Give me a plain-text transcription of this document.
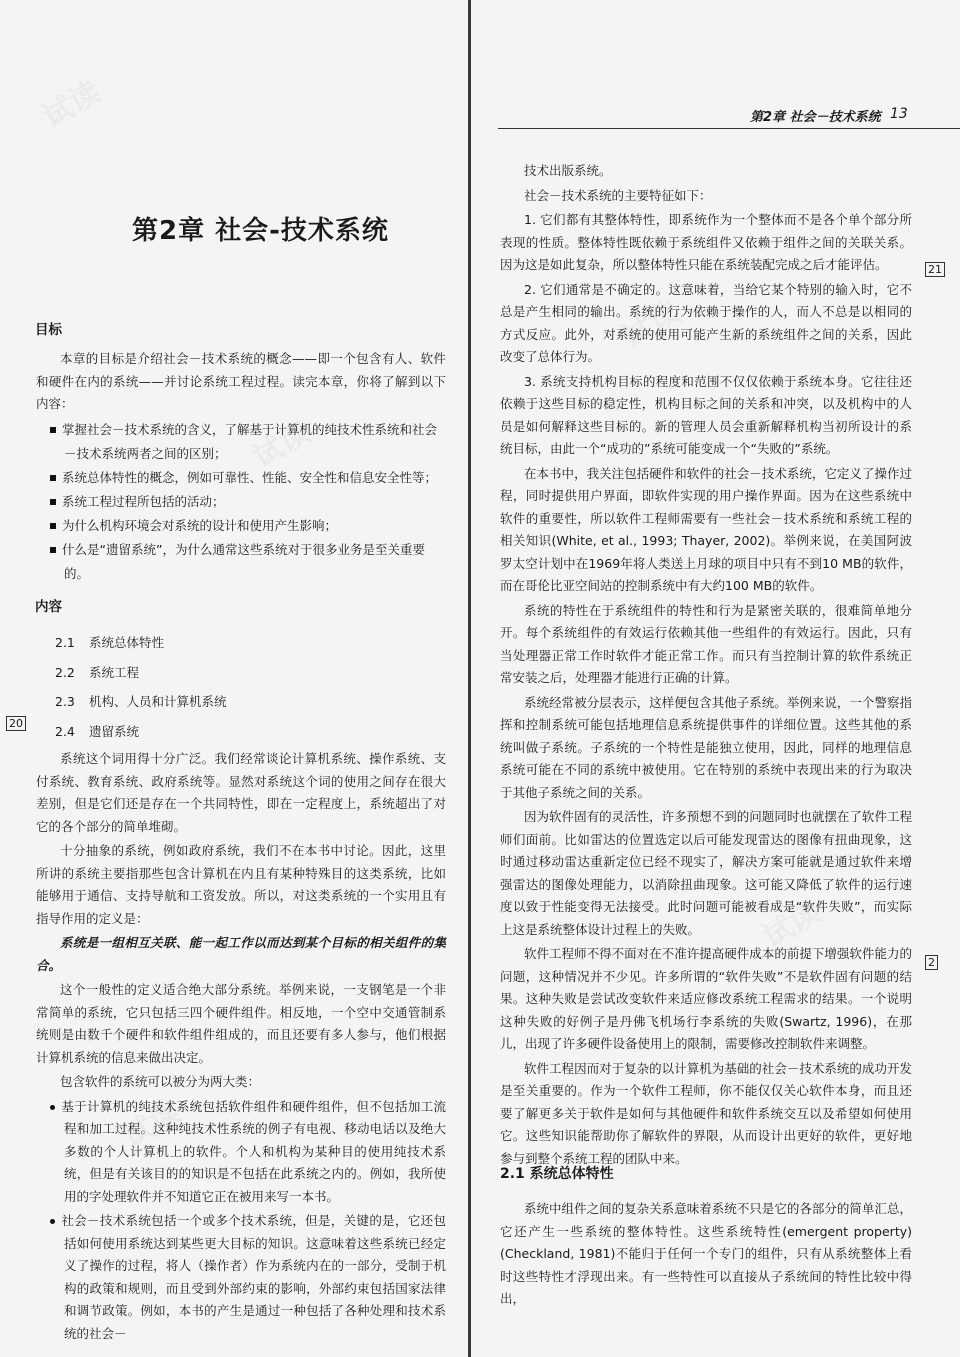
试读
试读
试读
试读
试读
第2章 社会-技术系统
目标

本章的目标是介绍社会－技术系统的概念——即一个包含有人、软件和硬件在内的系统——并讨论系统工程过程。读完本章，你将了解到以下内容：

掌握社会－技术系统的含义，了解基于计算机的纯技术性系统和社会－技术系统两者之间的区别；
系统总体特性的概念，例如可靠性、性能、安全性和信息安全性等；
系统工程过程所包括的活动；
为什么机构环境会对系统的设计和使用产生影响；
什么是“遗留系统”，为什么通常这些系统对于很多业务是至关重要的。
内容
2.1 系统总体特性
2.2 系统工程
2.3 机构、人员和计算机系统
2.4 遗留系统
20

系统这个词用得十分广泛。我们经常谈论计算机系统、操作系统、支付系统、教育系统、政府系统等。显然对系统这个词的使用之间存在很大差别，但是它们还是存在一个共同特性，即在一定程度上，系统超出了对它的各个部分的简单堆砌。

十分抽象的系统，例如政府系统，我们不在本书中讨论。因此，这里所讲的系统主要指那些包含计算机在内且有某种特殊目的这类系统，比如能够用于通信、支持导航和工资发放。所以，对这类系统的一个实用且有指导作用的定义是：

系统是一组相互关联、能一起工作以而达到某个目标的相关组件的集合。

这个一般性的定义适合绝大部分系统。举例来说，一支钢笔是一个非常简单的系统，它只包括三四个硬件组件。相反地，一个空中交通管制系统则是由数千个硬件和软件组件组成的，而且还要有多人参与，他们根据计算机系统的信息来做出决定。

包含软件的系统可以被分为两大类：

基于计算机的纯技术系统包括软件组件和硬件组件，但不包括加工流程和加工过程。这种纯技术性系统的例子有电视、移动电话以及绝大多数的个人计算机上的软件。个人和机构为某种目的使用纯技术系统，但是有关该目的的知识是不包括在此系统之内的。例如，我所使用的字处理软件并不知道它正在被用来写一本书。
社会－技术系统包括一个或多个技术系统，但是，关键的是，它还包括如何使用系统达到某些更大目标的知识。这意味着这些系统已经定义了操作的过程，将人（操作者）作为系统内在的一部分，受制于机构的政策和规则，而且受到外部约束的影响，外部约束包括国家法律和调节政策。例如，本书的产生是通过一种包括了各种处理和技术系统的社会－
第2章 社会－技术系统 13
21
2

技术出版系统。

社会－技术系统的主要特征如下：

1. 它们都有其整体特性，即系统作为一个整体而不是各个单个部分所表现的性质。整体特性既依赖于系统组件又依赖于组件之间的关联关系。因为这是如此复杂，所以整体特性只能在系统装配完成之后才能评估。

2. 它们通常是不确定的。这意味着，当给它某个特别的输入时，它不总是产生相同的输出。系统的行为依赖于操作的人，而人不总是以相同的方式反应。此外，对系统的使用可能产生新的系统组件之间的关系，因此改变了总体行为。

3. 系统支持机构目标的程度和范围不仅仅依赖于系统本身。它往往还依赖于这些目标的稳定性，机构目标之间的关系和冲突，以及机构中的人员是如何解释这些目标的。新的管理人员会重新解释机构当初所设计的系统目标，由此一个“成功的”系统可能变成一个“失败的”系统。

在本书中，我关注包括硬件和软件的社会－技术系统，它定义了操作过程，同时提供用户界面，即软件实现的用户操作界面。因为在这些系统中软件的重要性，所以软件工程师需要有一些社会－技术系统和系统工程的相关知识(White, et al., 1993; Thayer, 2002)。举例来说，在美国阿波罗太空计划中在1969年将人类送上月球的项目中只有不到10 MB的软件，而在哥伦比亚空间站的控制系统中有大约100 MB的软件。

系统的特性在于系统组件的特性和行为是紧密关联的，很难简单地分开。每个系统组件的有效运行依赖其他一些组件的有效运行。因此，只有当处理器正常工作时软件才能正常工作。而只有当控制计算的软件系统正常安装之后，处理器才能进行正确的计算。

系统经常被分层表示，这样便包含其他子系统。举例来说，一个警察指挥和控制系统可能包括地理信息系统提供事件的详细位置。这些其他的系统叫做子系统。子系统的一个特性是能独立使用，因此，同样的地理信息系统可能在不同的系统中被使用。它在特别的系统中表现出来的行为取决于其他子系统之间的关系。

因为软件固有的灵活性，许多预想不到的问题同时也就摆在了软件工程师们面前。比如雷达的位置选定以后可能发现雷达的图像有扭曲现象，这时通过移动雷达重新定位已经不现实了，解决方案可能就是通过软件来增强雷达的图像处理能力，以消除扭曲现象。这可能又降低了软件的运行速度以致于性能变得无法接受。此时问题可能被看成是“软件失败”，而实际上这是系统整体设计过程上的失败。

软件工程师不得不面对在不准许提高硬件成本的前提下增强软件能力的问题，这种情况并不少见。许多所谓的“软件失败”不是软件固有问题的结果。这种失败是尝试改变软件来适应修改系统工程需求的结果。一个说明这种失败的好例子是丹佛飞机场行李系统的失败(Swartz, 1996)，在那儿，出现了许多硬件设备使用上的限制，需要修改控制软件来调整。

软件工程因而对于复杂的以计算机为基础的社会－技术系统的成功开发是至关重要的。作为一个软件工程师，你不能仅仅关心软件本身，而且还要了解更多关于软件是如何与其他硬件和软件系统交互以及希望如何使用它。这些知识能帮助你了解软件的界限，从而设计出更好的软件，更好地参与到整个系统工程的团队中来。

2.1 系统总体特性

系统中组件之间的复杂关系意味着系统不只是它的各部分的简单汇总，它还产生一些系统的整体特性。这些系统特性(emergent property)(Checkland, 1981)不能归于任何一个专门的组件，只有从系统整体上看时这些特性才浮现出来。有一些特性可以直接从子系统间的特性比较中得出，
